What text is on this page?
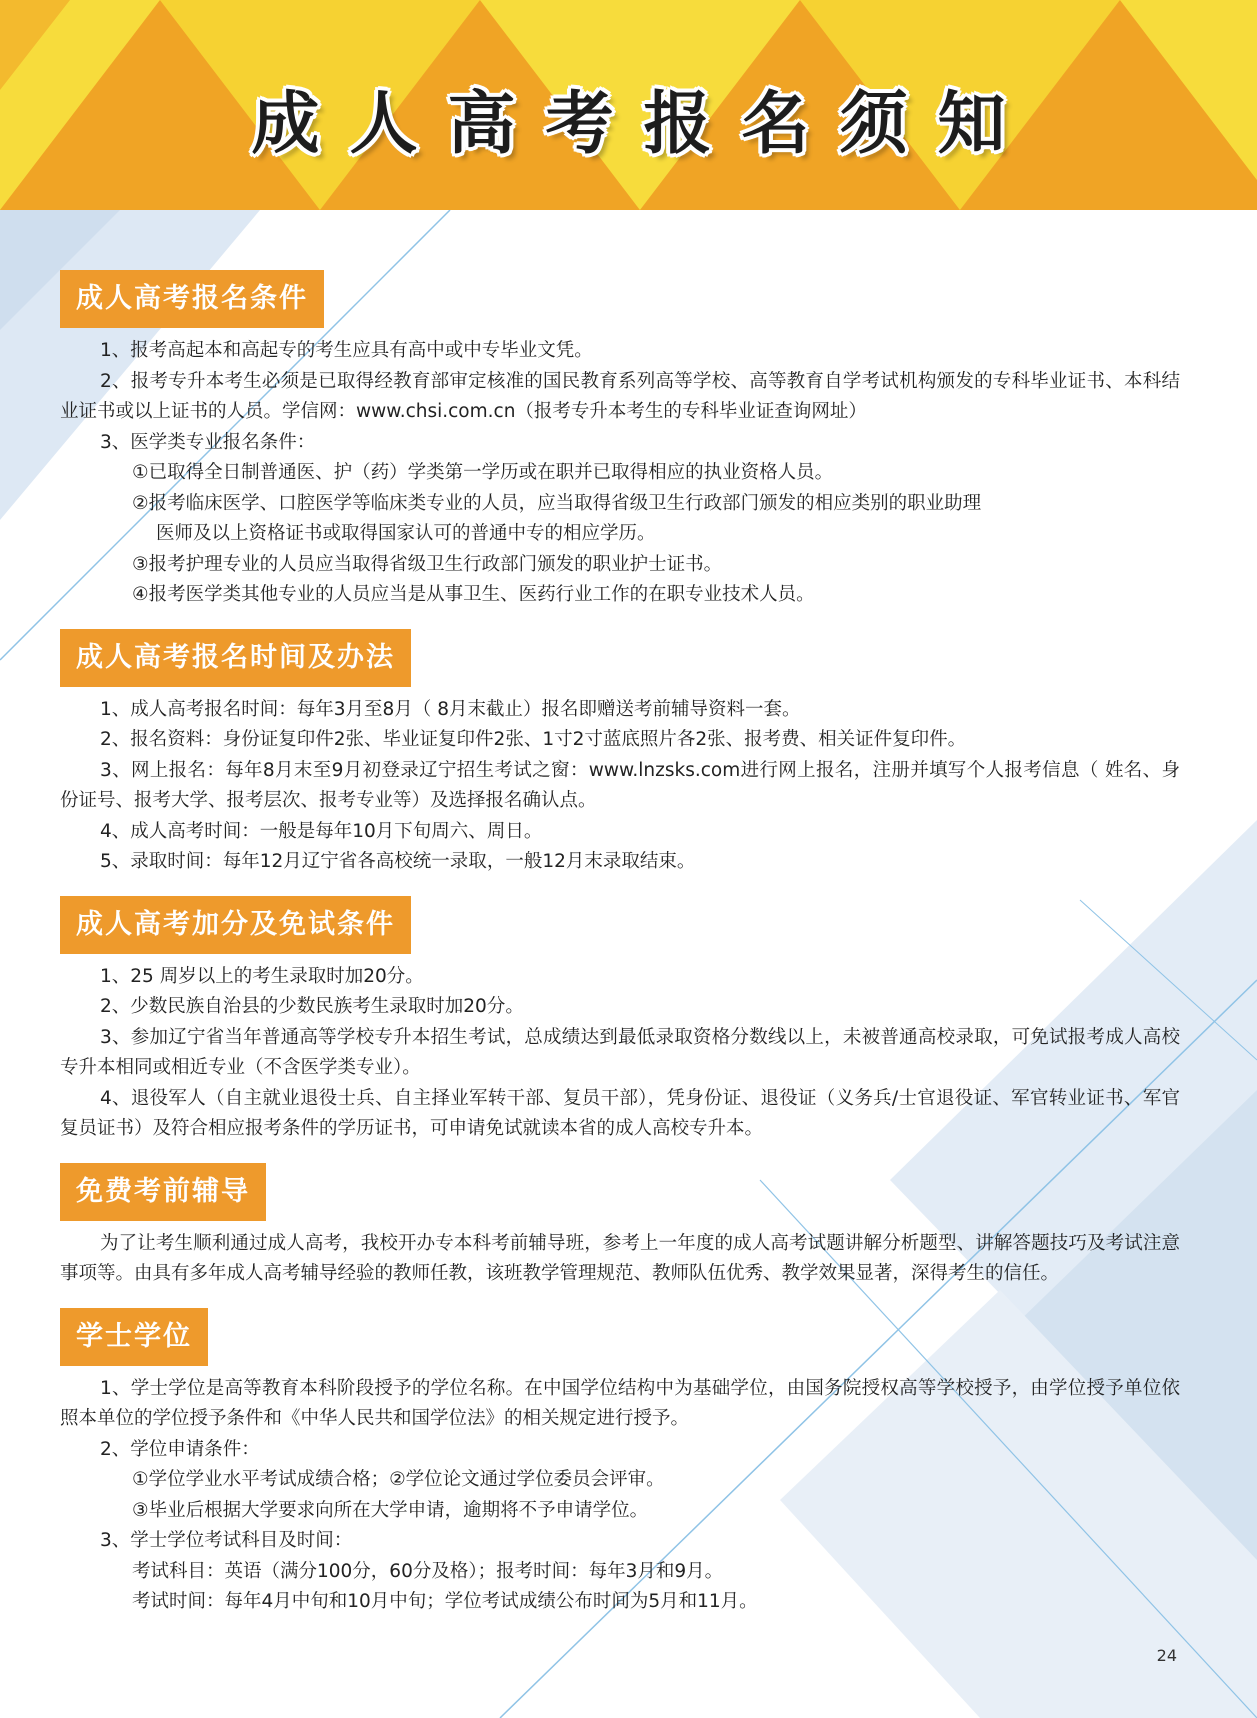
成人高考报名须知
成人高考报名条件

1、报考高起本和高起专的考生应具有高中或中专毕业文凭。

2、报考专升本考生必须是已取得经教育部审定核准的国民教育系列高等学校、高等教育自学考试机构颁发的专科毕业证书、本科结业证书或以上证书的人员。学信网：www.chsi.com.cn（报考专升本考生的专科毕业证查询网址）

3、医学类专业报名条件：

①已取得全日制普通医、护（药）学类第一学历或在职并已取得相应的执业资格人员。

②报考临床医学、口腔医学等临床类专业的人员，应当取得省级卫生行政部门颁发的相应类别的职业助理

医师及以上资格证书或取得国家认可的普通中专的相应学历。

③报考护理专业的人员应当取得省级卫生行政部门颁发的职业护士证书。

④报考医学类其他专业的人员应当是从事卫生、医药行业工作的在职专业技术人员。

成人高考报名时间及办法

1、成人高考报名时间：每年3月至8月（ 8月末截止）报名即赠送考前辅导资料一套。

2、报名资料：身份证复印件2张、毕业证复印件2张、1寸2寸蓝底照片各2张、报考费、相关证件复印件。

3、网上报名：每年8月末至9月初登录辽宁招生考试之窗：www.lnzsks.com进行网上报名，注册并填写个人报考信息（ 姓名、身份证号、报考大学、报考层次、报考专业等）及选择报名确认点。

4、成人高考时间：一般是每年10月下旬周六、周日。

5、录取时间：每年12月辽宁省各高校统一录取，一般12月末录取结束。

成人高考加分及免试条件

1、25 周岁以上的考生录取时加20分。

2、少数民族自治县的少数民族考生录取时加20分。

3、参加辽宁省当年普通高等学校专升本招生考试，总成绩达到最低录取资格分数线以上，未被普通高校录取，可免试报考成人高校专升本相同或相近专业（不含医学类专业）。

4、退役军人（自主就业退役士兵、自主择业军转干部、复员干部），凭身份证、退役证（义务兵/士官退役证、军官转业证书、军官复员证书）及符合相应报考条件的学历证书，可申请免试就读本省的成人高校专升本。

免费考前辅导

为了让考生顺利通过成人高考，我校开办专本科考前辅导班，参考上一年度的成人高考试题讲解分析题型、讲解答题技巧及考试注意事项等。由具有多年成人高考辅导经验的教师任教，该班教学管理规范、教师队伍优秀、教学效果显著，深得考生的信任。

学士学位

1、学士学位是高等教育本科阶段授予的学位名称。在中国学位结构中为基础学位，由国务院授权高等学校授予，由学位授予单位依照本单位的学位授予条件和《中华人民共和国学位法》的相关规定进行授予。

2、学位申请条件：

①学位学业水平考试成绩合格；②学位论文通过学位委员会评审。

③毕业后根据大学要求向所在大学申请，逾期将不予申请学位。

3、学士学位考试科目及时间：

考试科目：英语（满分100分，60分及格）；报考时间：每年3月和9月。

考试时间：每年4月中旬和10月中旬；学位考试成绩公布时间为5月和11月。

24
